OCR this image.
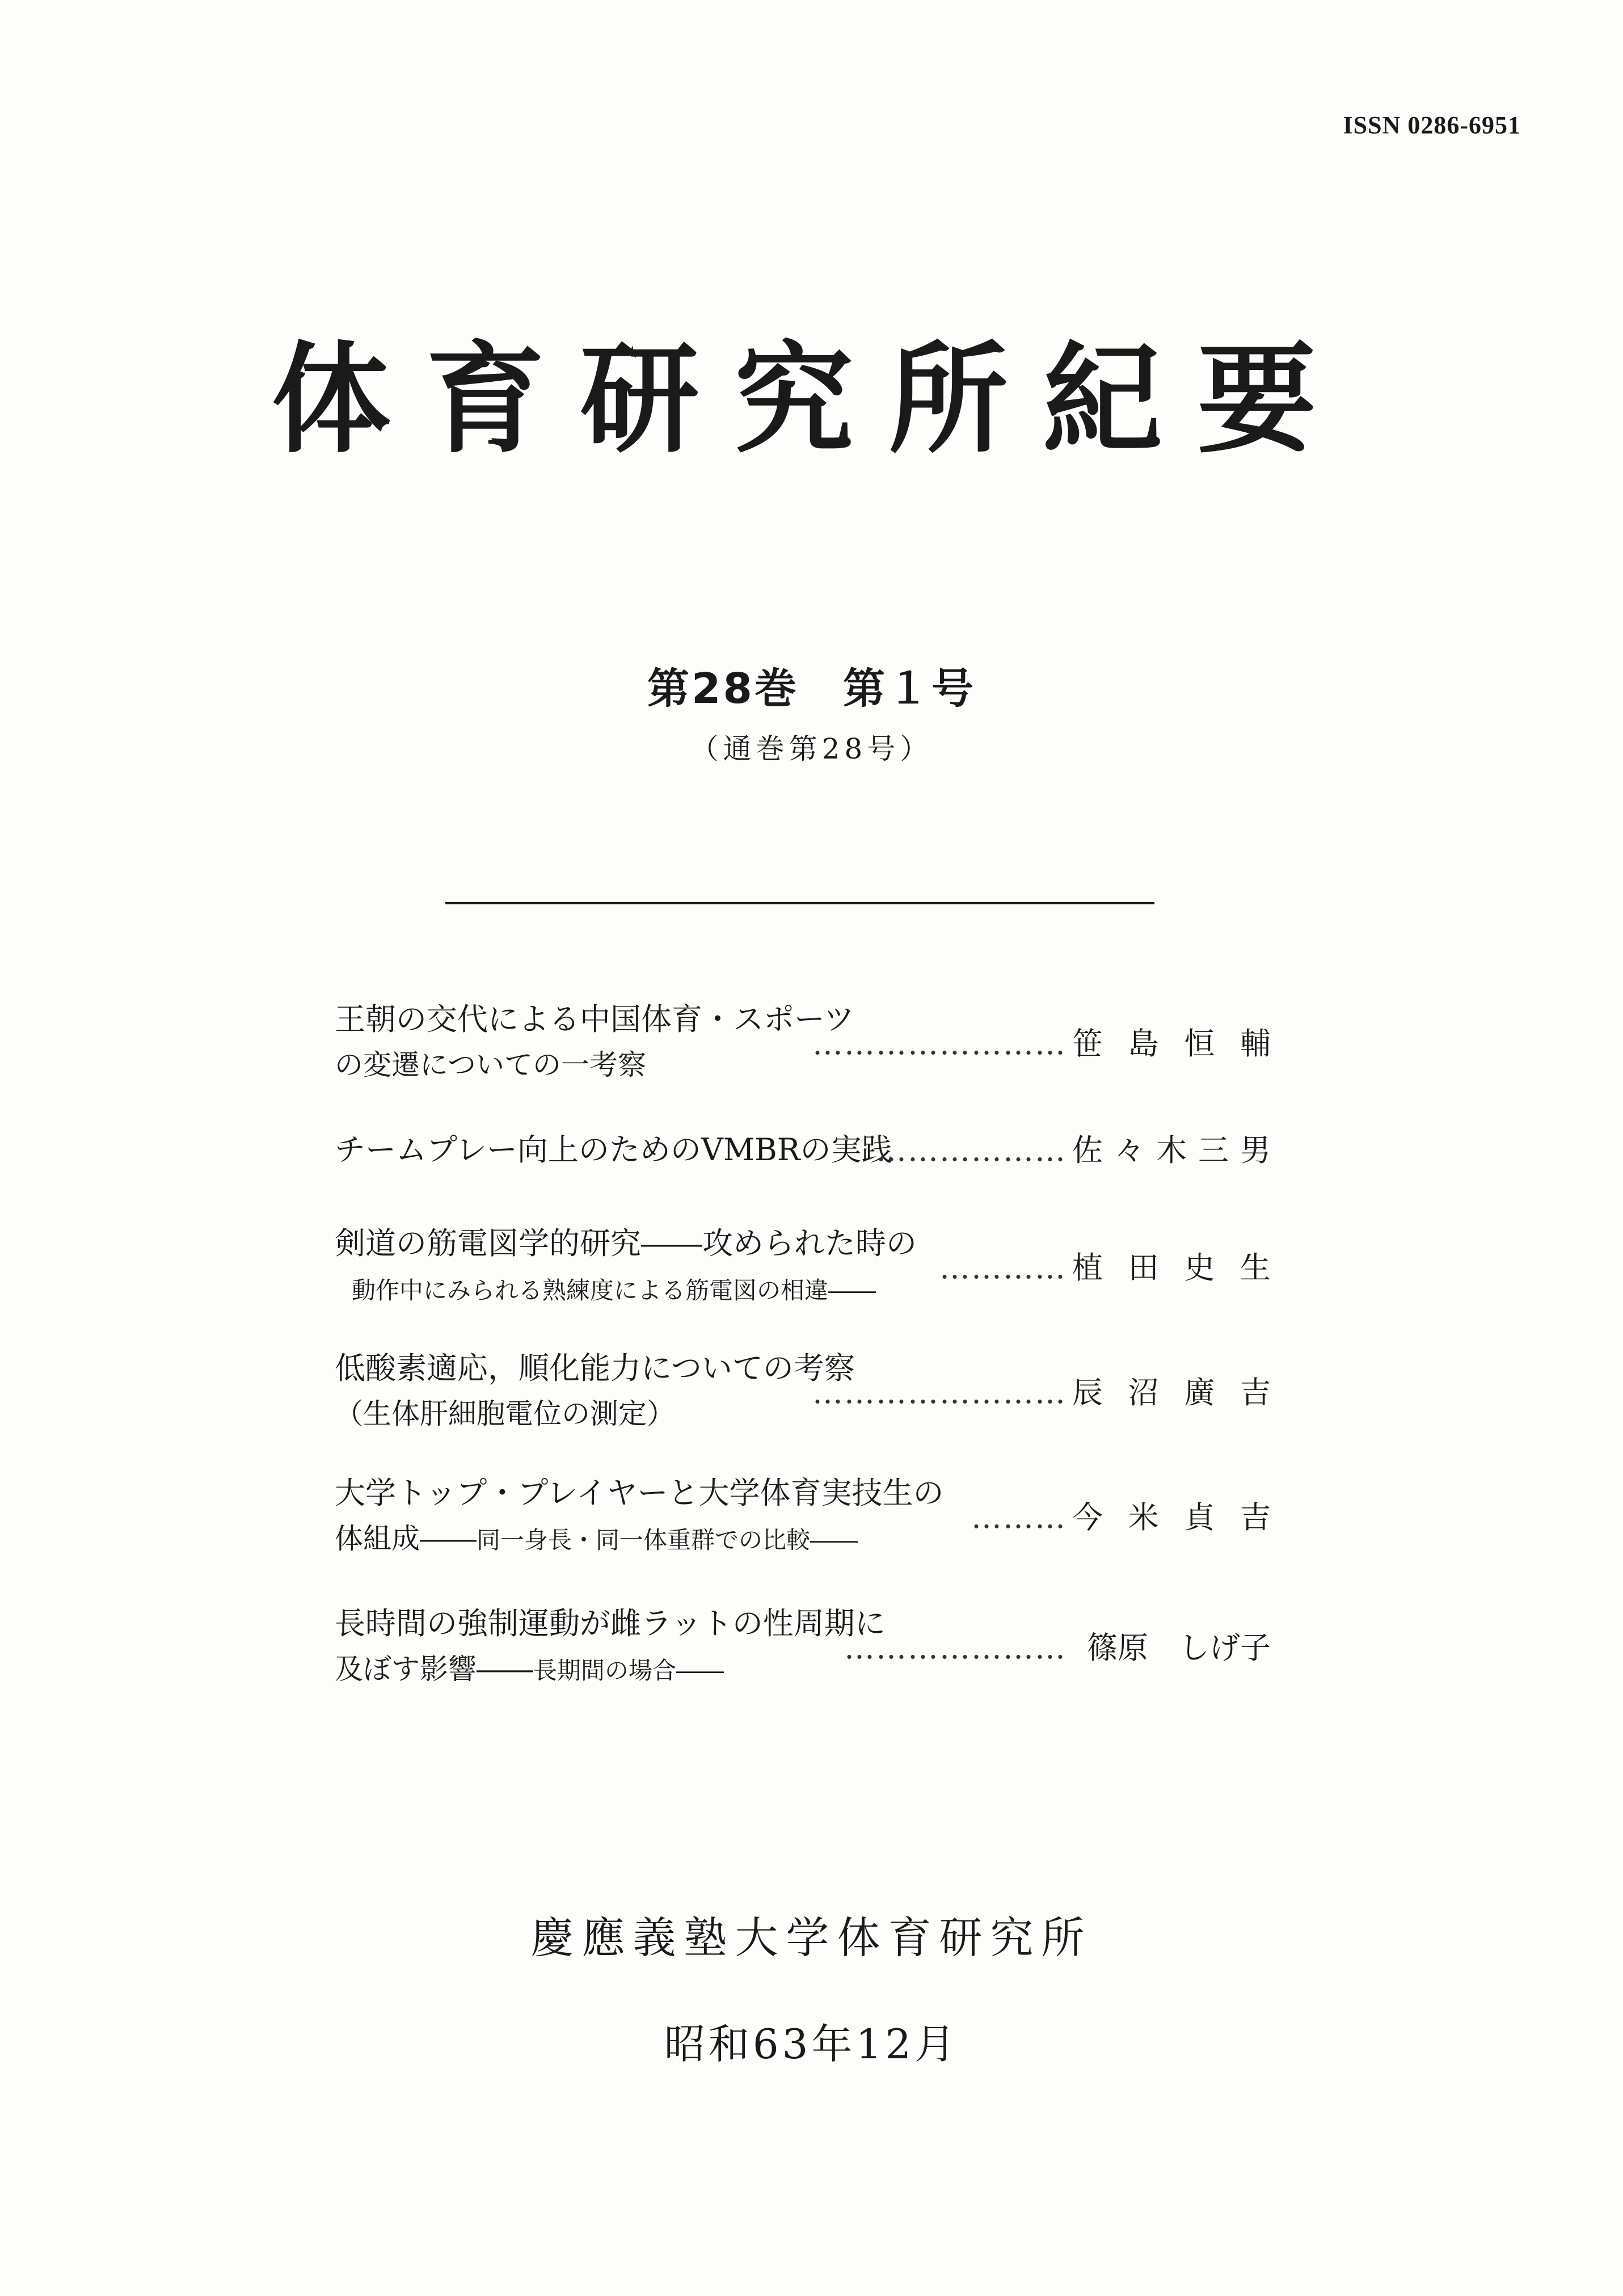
ISSN 0286-6951
体育研究所紀要
第28巻　第１号
（通巻第28号）
王朝の交代による中国体育・スポーツ
の変遷についての一考察
…………………… 笹島恒輔
チームプレー向上のためのVMBRの実践
……………… 佐々木三男
剣道の筋電図学的研究――攻められた時の
動作中にみられる熟練度による筋電図の相違――
………… 植田史生
低酸素適応，順化能力についての考察
（生体肝細胞電位の測定）
…………………… 辰沼廣吉
大学トップ・プレイヤーと大学体育実技生の
体組成――同一身長・同一体重群での比較――
……… 今米貞吉
長時間の強制運動が雌ラットの性周期に
及ぼす影響――長期間の場合――
………………… 篠原　しげ子
慶應義塾大学体育研究所
昭和63年12月
